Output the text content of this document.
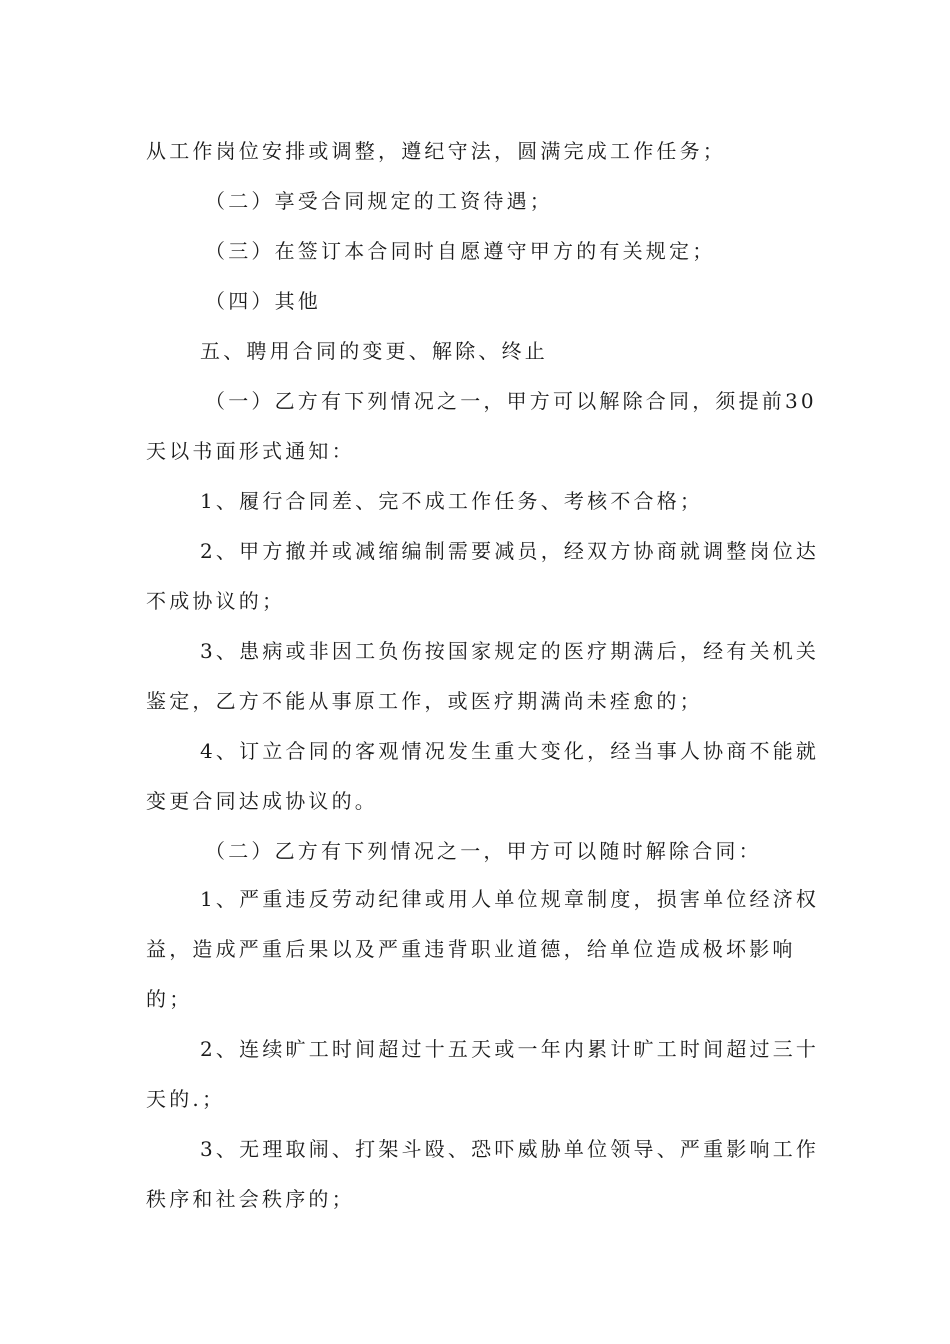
从工作岗位安排或调整，遵纪守法，圆满完成工作任务；
（二）享受合同规定的工资待遇；
（三）在签订本合同时自愿遵守甲方的有关规定；
（四）其他
五、聘用合同的变更、解除、终止
（一）乙方有下列情况之一，甲方可以解除合同，须提前30
天以书面形式通知：
1、履行合同差、完不成工作任务、考核不合格；
2、甲方撤并或减缩编制需要减员，经双方协商就调整岗位达
不成协议的；
3、患病或非因工负伤按国家规定的医疗期满后，经有关机关
鉴定，乙方不能从事原工作，或医疗期满尚未痊愈的；
4、订立合同的客观情况发生重大变化，经当事人协商不能就
变更合同达成协议的。
（二）乙方有下列情况之一，甲方可以随时解除合同：
1、严重违反劳动纪律或用人单位规章制度，损害单位经济权
益，造成严重后果以及严重违背职业道德，给单位造成极坏影响
的；
2、连续旷工时间超过十五天或一年内累计旷工时间超过三十
天的.；
3、无理取闹、打架斗殴、恐吓威胁单位领导、严重影响工作
秩序和社会秩序的；
